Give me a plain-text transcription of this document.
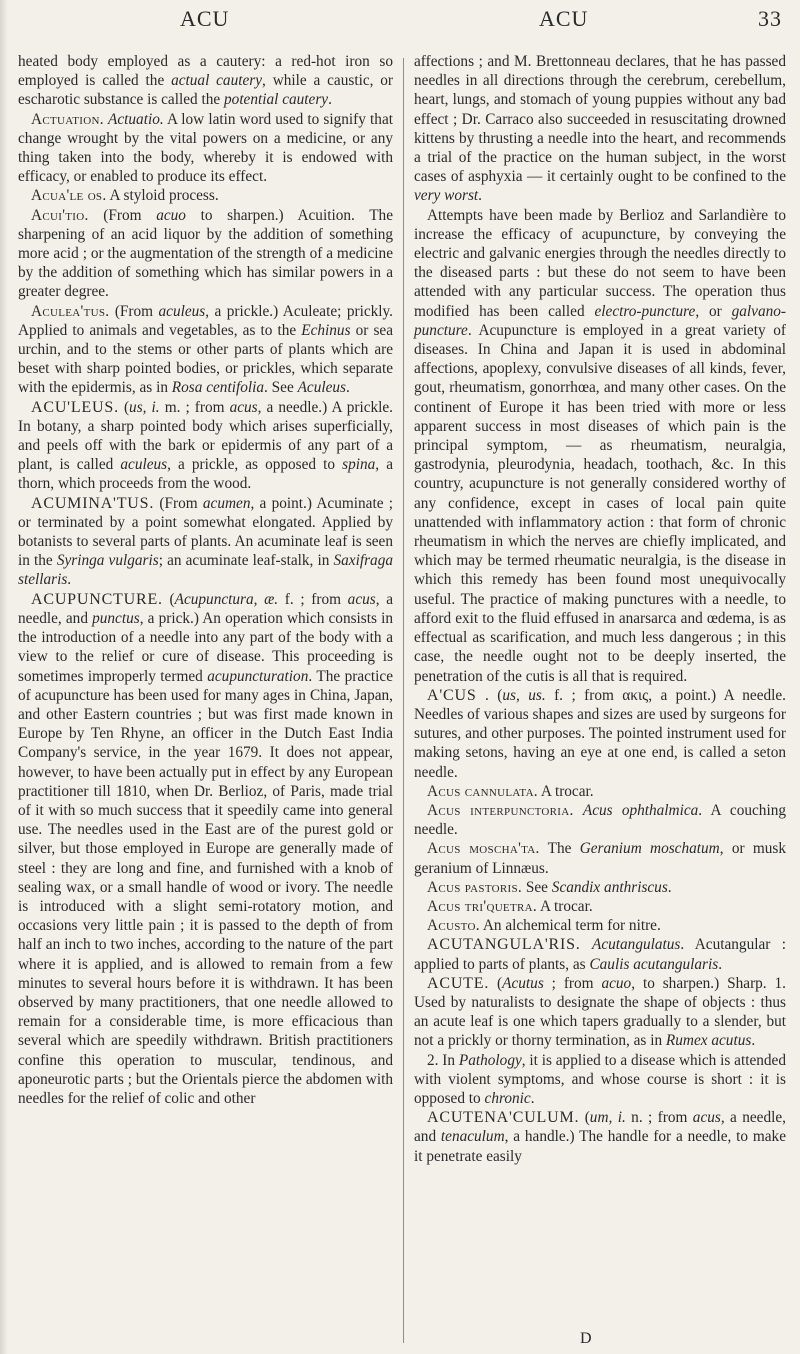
ACU	ACU	33

heated body employed as a cautery: a red-hot iron so employed is called the actual cautery, while a caustic, or escharotic substance is called the potential cautery.

Actuation. Actuatio. A low latin word used to signify that change wrought by the vital powers on a medicine, or any thing taken into the body, whereby it is endowed with efficacy, or enabled to produce its effect.

Acua'le os. A styloid process.

Acui'tio. (From acuo to sharpen.) Acuition. The sharpening of an acid liquor by the addition of something more acid ; or the augmentation of the strength of a medicine by the addition of something which has similar powers in a greater degree.

Aculea'tus. (From aculeus, a prickle.) Aculeate; prickly. Applied to animals and vegetables, as to the Echinus or sea urchin, and to the stems or other parts of plants which are beset with sharp pointed bodies, or prickles, which separate with the epidermis, as in Rosa centifolia. See Aculeus.

ACU'LEUS. (us, i. m. ; from acus, a needle.) A prickle. In botany, a sharp pointed body which arises superficially, and peels off with the bark or epidermis of any part of a plant, is called aculeus, a prickle, as opposed to spina, a thorn, which proceeds from the wood.

ACUMINA'TUS. (From acumen, a point.) Acuminate ; or terminated by a point somewhat elongated. Applied by botanists to several parts of plants. An acuminate leaf is seen in the Syringa vulgaris; an acuminate leaf-stalk, in Saxifraga stellaris.

ACUPUNCTURE. (Acupunctura, æ. f. ; from acus, a needle, and punctus, a prick.) An operation which consists in the introduction of a needle into any part of the body with a view to the relief or cure of disease. This proceeding is sometimes improperly termed acupuncturation. The practice of acupuncture has been used for many ages in China, Japan, and other Eastern countries ; but was first made known in Europe by Ten Rhyne, an officer in the Dutch East India Company's service, in the year 1679. It does not appear, however, to have been actually put in effect by any European practitioner till 1810, when Dr. Berlioz, of Paris, made trial of it with so much success that it speedily came into general use. The needles used in the East are of the purest gold or silver, but those employed in Europe are generally made of steel : they are long and fine, and furnished with a knob of sealing wax, or a small handle of wood or ivory. The needle is introduced with a slight semi-rotatory motion, and occasions very little pain ; it is passed to the depth of from half an inch to two inches, according to the nature of the part where it is applied, and is allowed to remain from a few minutes to several hours before it is withdrawn. It has been observed by many practitioners, that one needle allowed to remain for a considerable time, is more efficacious than several which are speedily withdrawn. British practitioners confine this operation to muscular, tendinous, and aponeurotic parts ; but the Orientals pierce the abdomen with needles for the relief of colic and other

affections ; and M. Brettonneau declares, that he has passed needles in all directions through the cerebrum, cerebellum, heart, lungs, and stomach of young puppies without any bad effect ; Dr. Carraco also succeeded in resuscitating drowned kittens by thrusting a needle into the heart, and recommends a trial of the practice on the human subject, in the worst cases of asphyxia — it certainly ought to be confined to the very worst.

Attempts have been made by Berlioz and Sarlandière to increase the efficacy of acupuncture, by conveying the electric and galvanic energies through the needles directly to the diseased parts : but these do not seem to have been attended with any particular success. The operation thus modified has been called electro-puncture, or galvano-puncture. Acupuncture is employed in a great variety of diseases. In China and Japan it is used in abdominal affections, apoplexy, convulsive diseases of all kinds, fever, gout, rheumatism, gonorrhœa, and many other cases. On the continent of Europe it has been tried with more or less apparent success in most diseases of which pain is the principal symptom, — as rheumatism, neuralgia, gastrodynia, pleurodynia, headach, toothach, &c. In this country, acupuncture is not generally considered worthy of any confidence, except in cases of local pain quite unattended with inflammatory action : that form of chronic rheumatism in which the nerves are chiefly implicated, and which may be termed rheumatic neuralgia, is the disease in which this remedy has been found most unequivocally useful. The practice of making punctures with a needle, to afford exit to the fluid effused in anarsarca and œdema, is as effectual as scarification, and much less dangerous ; in this case, the needle ought not to be deeply inserted, the penetration of the cutis is all that is required.

A'CUS . (us, us. f. ; from ακις, a point.) A needle. Needles of various shapes and sizes are used by surgeons for sutures, and other purposes. The pointed instrument used for making setons, having an eye at one end, is called a seton needle.

Acus cannulata. A trocar.

Acus interpunctoria. Acus ophthalmica. A couching needle.

Acus moscha'ta. The Geranium moschatum, or musk geranium of Linnæus.

Acus pastoris. See Scandix anthriscus.

Acus tri'quetra. A trocar.

Acusto. An alchemical term for nitre.

ACUTANGULA'RIS. Acutangulatus. Acutangular : applied to parts of plants, as Caulis acutangularis.

ACUTE. (Acutus ; from acuo, to sharpen.) Sharp. 1. Used by naturalists to designate the shape of objects : thus an acute leaf is one which tapers gradually to a slender, but not a prickly or thorny termination, as in Rumex acutus.

2. In Pathology, it is applied to a disease which is attended with violent symptoms, and whose course is short : it is opposed to chronic.

ACUTENA'CULUM. (um, i. n. ; from acus, a needle, and tenaculum, a handle.) The handle for a needle, to make it penetrate easily

D
